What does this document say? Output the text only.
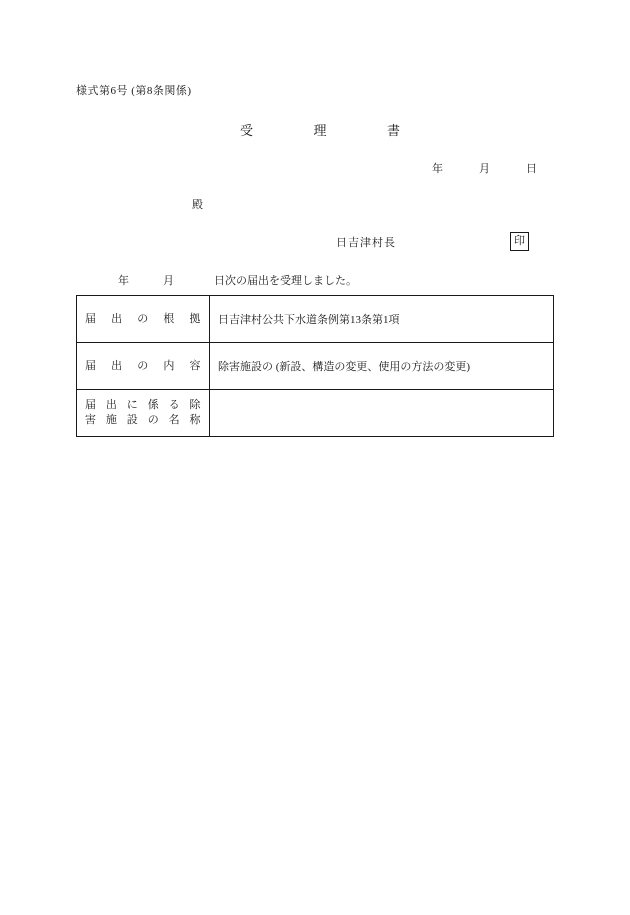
様式第6号 (第8条関係)
受	理	書
年	月	日
殿
日吉津村長	印
年	月	日次の届出を受理しました。
届 出 の 根 拠	日吉津村公共下水道条例第13条第1項
届 出 の 内 容	除害施設の (新設、構造の変更、使用の方法の変更)

届 出 に 係 る 除
害 施 設 の 名 称	
